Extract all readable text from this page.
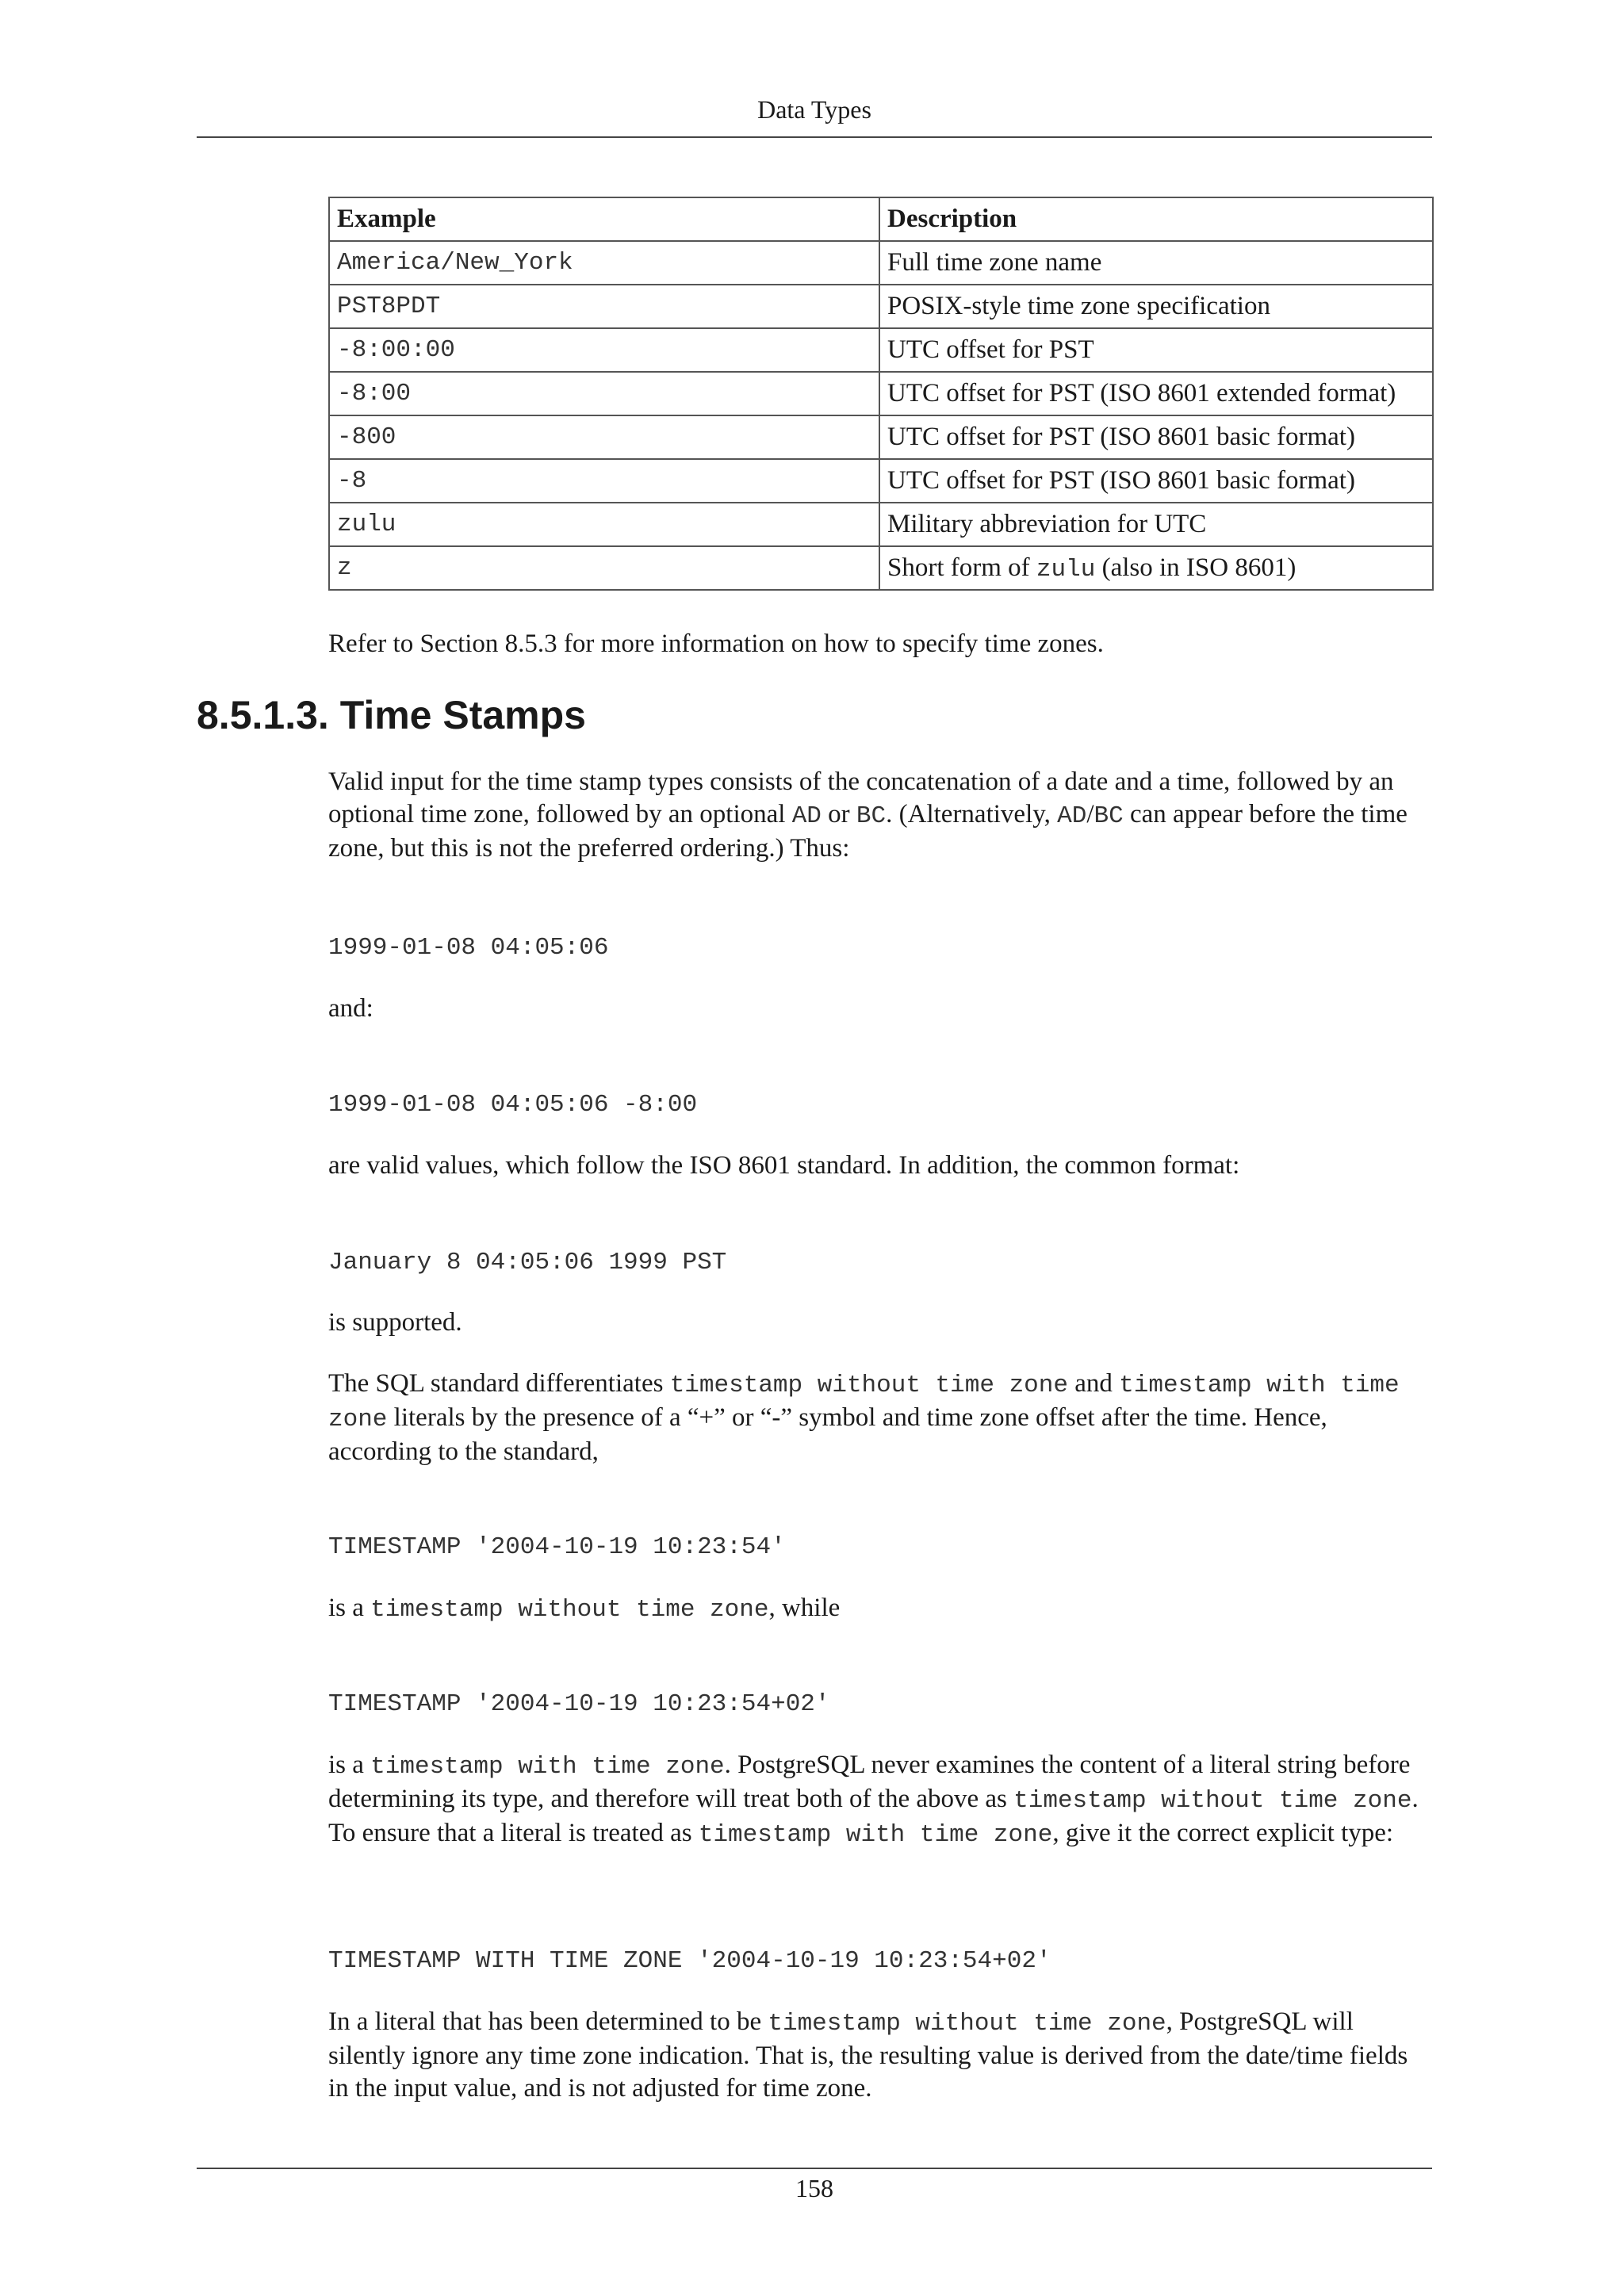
Data Types
Example	Description
America/New_York	Full time zone name
PST8PDT	POSIX-style time zone specification
-8:00:00	UTC offset for PST
-8:00	UTC offset for PST (ISO 8601 extended format)
-800	UTC offset for PST (ISO 8601 basic format)
-8	UTC offset for PST (ISO 8601 basic format)
zulu	Military abbreviation for UTC
z	Short form of zulu (also in ISO 8601)

Refer to Section 8.5.3 for more information on how to specify time zones.

8.5.1.3. Time Stamps

Valid input for the time stamp types consists of the concatenation of a date and a time, followed by an optional time zone, followed by an optional AD or BC. (Alternatively, AD/BC can appear before the time zone, but this is not the preferred ordering.) Thus:

1999-01-08 04:05:06

and:

1999-01-08 04:05:06 -8:00

are valid values, which follow the ISO 8601 standard. In addition, the common format:

January 8 04:05:06 1999 PST

is supported.

The SQL standard differentiates timestamp without time zone and timestamp with time zone literals by the presence of a “+” or “-” symbol and time zone offset after the time. Hence, according to the standard,

TIMESTAMP '2004-10-19 10:23:54'

is a timestamp without time zone, while

TIMESTAMP '2004-10-19 10:23:54+02'

is a timestamp with time zone. PostgreSQL never examines the content of a literal string before determining its type, and therefore will treat both of the above as timestamp without time zone. To ensure that a literal is treated as timestamp with time zone, give it the correct explicit type:

TIMESTAMP WITH TIME ZONE '2004-10-19 10:23:54+02'

In a literal that has been determined to be timestamp without time zone, PostgreSQL will silently ignore any time zone indication. That is, the resulting value is derived from the date/time fields in the input value, and is not adjusted for time zone.

158
